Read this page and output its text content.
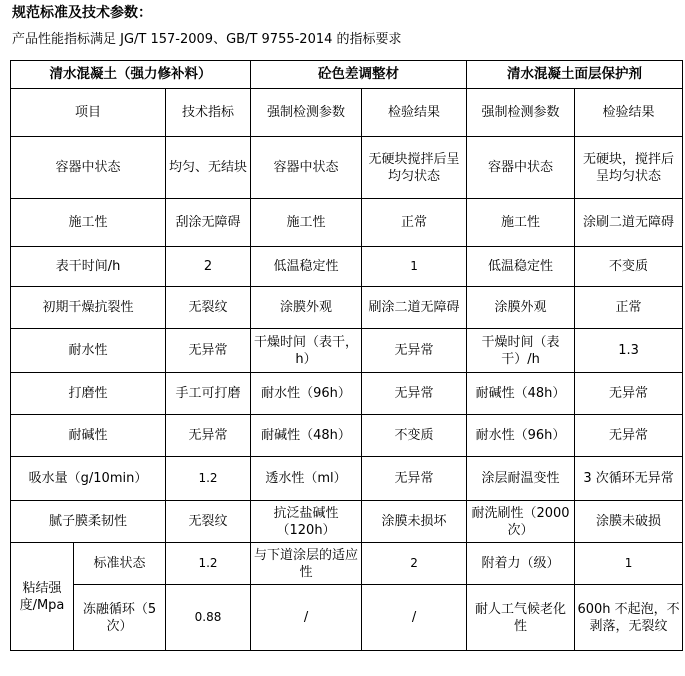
规范标准及技术参数：
产品性能指标满足 JG/T 157-2009、GB/T 9755-2014 的指标要求
清水混凝土（强力修补料）			砼色差调整材		清水混凝土面层保护剂	
项目		技术指标	强制检测参数	检验结果	强制检测参数	检验结果
容器中状态		均匀、无结块	容器中状态	无硬块搅拌后呈均匀状态	容器中状态	无硬块，搅拌后呈均匀状态
施工性		刮涂无障碍	施工性	正常	施工性	涂刷二道无障碍
表干时间/h		2	低温稳定性	1	低温稳定性	不变质
初期干燥抗裂性		无裂纹	涂膜外观	刷涂二道无障碍	涂膜外观	正常
耐水性		无异常	干燥时间（表干，h）	无异常	干燥时间（表干）/h	1.3
打磨性		手工可打磨	耐水性（96h）	无异常	耐碱性（48h）	无异常
耐碱性		无异常	耐碱性（48h）	不变质	耐水性（96h）	无异常
吸水量（g/10min）		1.2	透水性（ml）	无异常	涂层耐温变性	3 次循环无异常
腻子膜柔韧性		无裂纹	抗泛盐碱性（120h）	涂膜未损坏	耐洗刷性（2000 次）	涂膜未破损
粘结强度/Mpa	标准状态	1.2	与下道涂层的适应性	2	附着力（级）	1
	冻融循环（5 次）	0.88	/	/	耐人工气候老化性	600h 不起泡，不剥落，无裂纹
